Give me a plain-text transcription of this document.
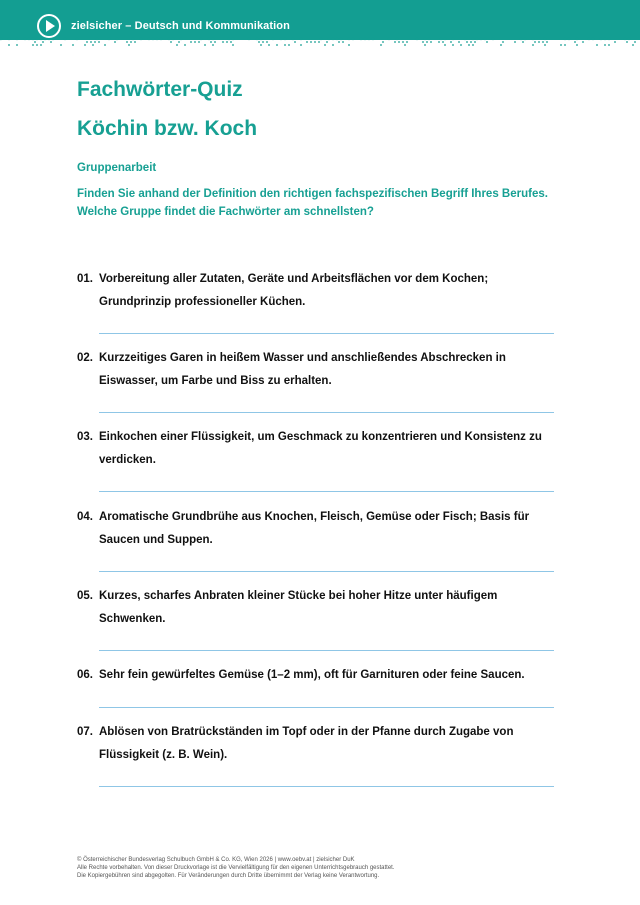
zielsicher – Deutsch und Kommunikation
Fachwörter-Quiz
Köchin bzw. Koch
Gruppenarbeit
Finden Sie anhand der Definition den richtigen fachspezifischen Begriff Ihres Berufes.
Welche Gruppe findet die Fachwörter am schnellsten?
01. Vorbereitung aller Zutaten, Geräte und Arbeitsflächen vor dem Kochen; Grundprinzip professioneller Küchen.
02. Kurzzeitiges Garen in heißem Wasser und anschließendes Abschrecken in Eiswasser, um Farbe und Biss zu erhalten.
03. Einkochen einer Flüssigkeit, um Geschmack zu konzentrieren und Konsistenz zu verdicken.
04. Aromatische Grundbrühe aus Knochen, Fleisch, Gemüse oder Fisch; Basis für Saucen und Suppen.
05. Kurzes, scharfes Anbraten kleiner Stücke bei hoher Hitze unter häufigem Schwenken.
06. Sehr fein gewürfeltes Gemüse (1–2 mm), oft für Garnituren oder feine Saucen.
07. Ablösen von Bratrückständen im Topf oder in der Pfanne durch Zugabe von Flüssigkeit (z. B. Wein).
© Österreichischer Bundesverlag Schulbuch GmbH & Co. KG, Wien 2026 | www.oebv.at | zielsicher DuK
Alle Rechte vorbehalten. Von dieser Druckvorlage ist die Vervielfältigung für den eigenen Unterrichtsgebrauch gestattet.
Die Kopiergebühren sind abgegolten. Für Veränderungen durch Dritte übernimmt der Verlag keine Verantwortung.
